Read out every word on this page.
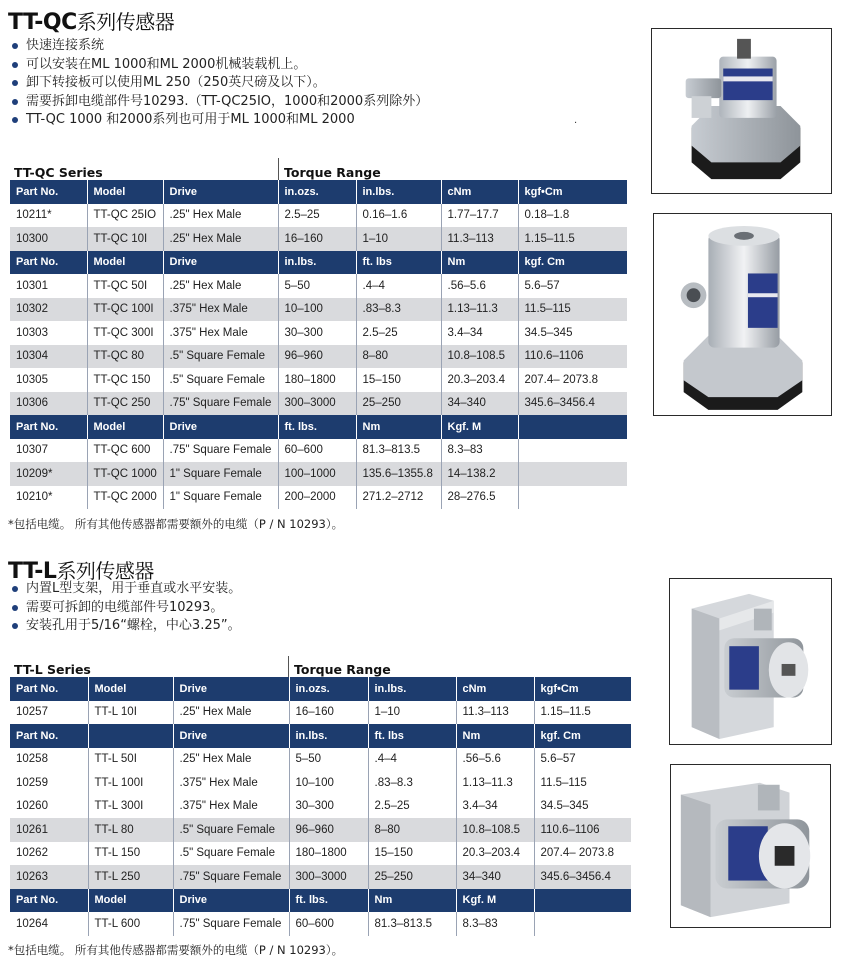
TT-QC系列传感器
快速连接系统
可以安装在ML 1000和ML 2000机械装载机上。
卸下转接板可以使用ML 250（250英尺磅及以下）。
需要拆卸电缆部件号10293.（TT-QC25IO，1000和2000系列除外）
TT-QC 1000 和2000系列也可用于ML 1000和ML 2000	·
TT-QC Series	Torque Range
Part No.	Model	Drive	in.ozs.	in.lbs.	cNm	kgf•Cm
10211*	TT-QC 25IO	.25" Hex Male	2.5–25	0.16–1.6	1.77–17.7	0.18–1.8
10300	TT-QC 10I	.25" Hex Male	16–160	1–10	11.3–113	1.15–11.5
Part No.	Model	Drive	in.lbs.	ft. lbs	Nm	kgf. Cm
10301	TT-QC 50I	.25" Hex Male	5–50	.4–4	.56–5.6	5.6–57
10302	TT-QC 100I	.375" Hex Male	10–100	.83–8.3	1.13–11.3	11.5–115
10303	TT-QC 300I	.375" Hex Male	30–300	2.5–25	3.4–34	34.5–345
10304	TT-QC 80	.5" Square Female	96–960	8–80	10.8–108.5	110.6–1106
10305	TT-QC 150	.5" Square Female	180–1800	15–150	20.3–203.4	207.4– 2073.8
10306	TT-QC 250	.75" Square Female	300–3000	25–250	34–340	345.6–3456.4
Part No.	Model	Drive	ft. lbs.	Nm	Kgf. M	
10307	TT-QC 600	.75" Square Female	60–600	81.3–813.5	8.3–83	
10209*	TT-QC 1000	1" Square Female	100–1000	135.6–1355.8	14–138.2	
10210*	TT-QC 2000	1" Square Female	200–2000	271.2–2712	28–276.5	
*包括电缆。 所有其他传感器都需要额外的电缆（P / N 10293）。
TT-L系列传感器
内置L型支架，用于垂直或水平安装。
需要可拆卸的电缆部件号10293。
安装孔用于5/16“螺栓，中心3.25”。
TT-L Series	Torque Range
Part No.	Model	Drive	in.ozs.	in.lbs.	cNm	kgf•Cm
10257	TT-L 10I	.25" Hex Male	16–160	1–10	11.3–113	1.15–11.5
Part No.		Drive	in.lbs.	ft. lbs	Nm	kgf. Cm
10258	TT-L 50I	.25" Hex Male	5–50	.4–4	.56–5.6	5.6–57
10259	TT-L 100I	.375" Hex Male	10–100	.83–8.3	1.13–11.3	11.5–115
10260	TT-L 300I	.375" Hex Male	30–300	2.5–25	3.4–34	34.5–345
10261	TT-L 80	.5" Square Female	96–960	8–80	10.8–108.5	110.6–1106
10262	TT-L 150	.5" Square Female	180–1800	15–150	20.3–203.4	207.4– 2073.8
10263	TT-L 250	.75" Square Female	300–3000	25–250	34–340	345.6–3456.4
Part No.	Model	Drive	ft. lbs.	Nm	Kgf. M	
10264	TT-L 600	.75" Square Female	60–600	81.3–813.5	8.3–83	
*包括电缆。 所有其他传感器都需要额外的电缆（P / N 10293）。
